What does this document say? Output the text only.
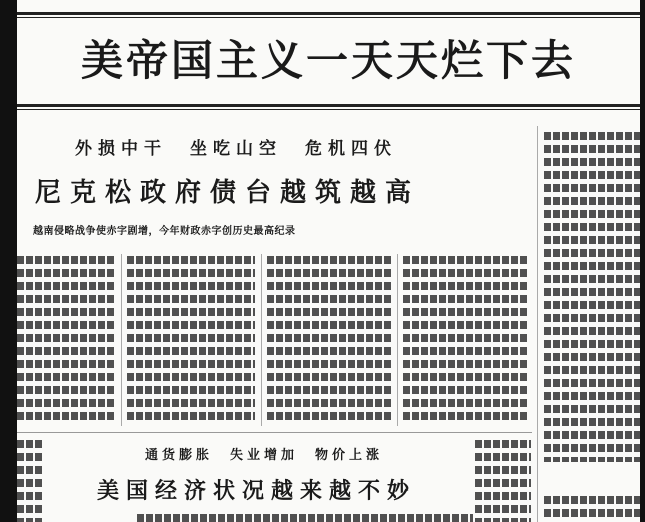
美帝国主义一天天烂下去
外损中干　坐吃山空　危机四伏
尼克松政府债台越筑越高
越南侵略战争使赤字剧增，今年财政赤字创历史最高纪录
通货膨胀　失业增加　物价上涨
美国经济状况越来越不妙
